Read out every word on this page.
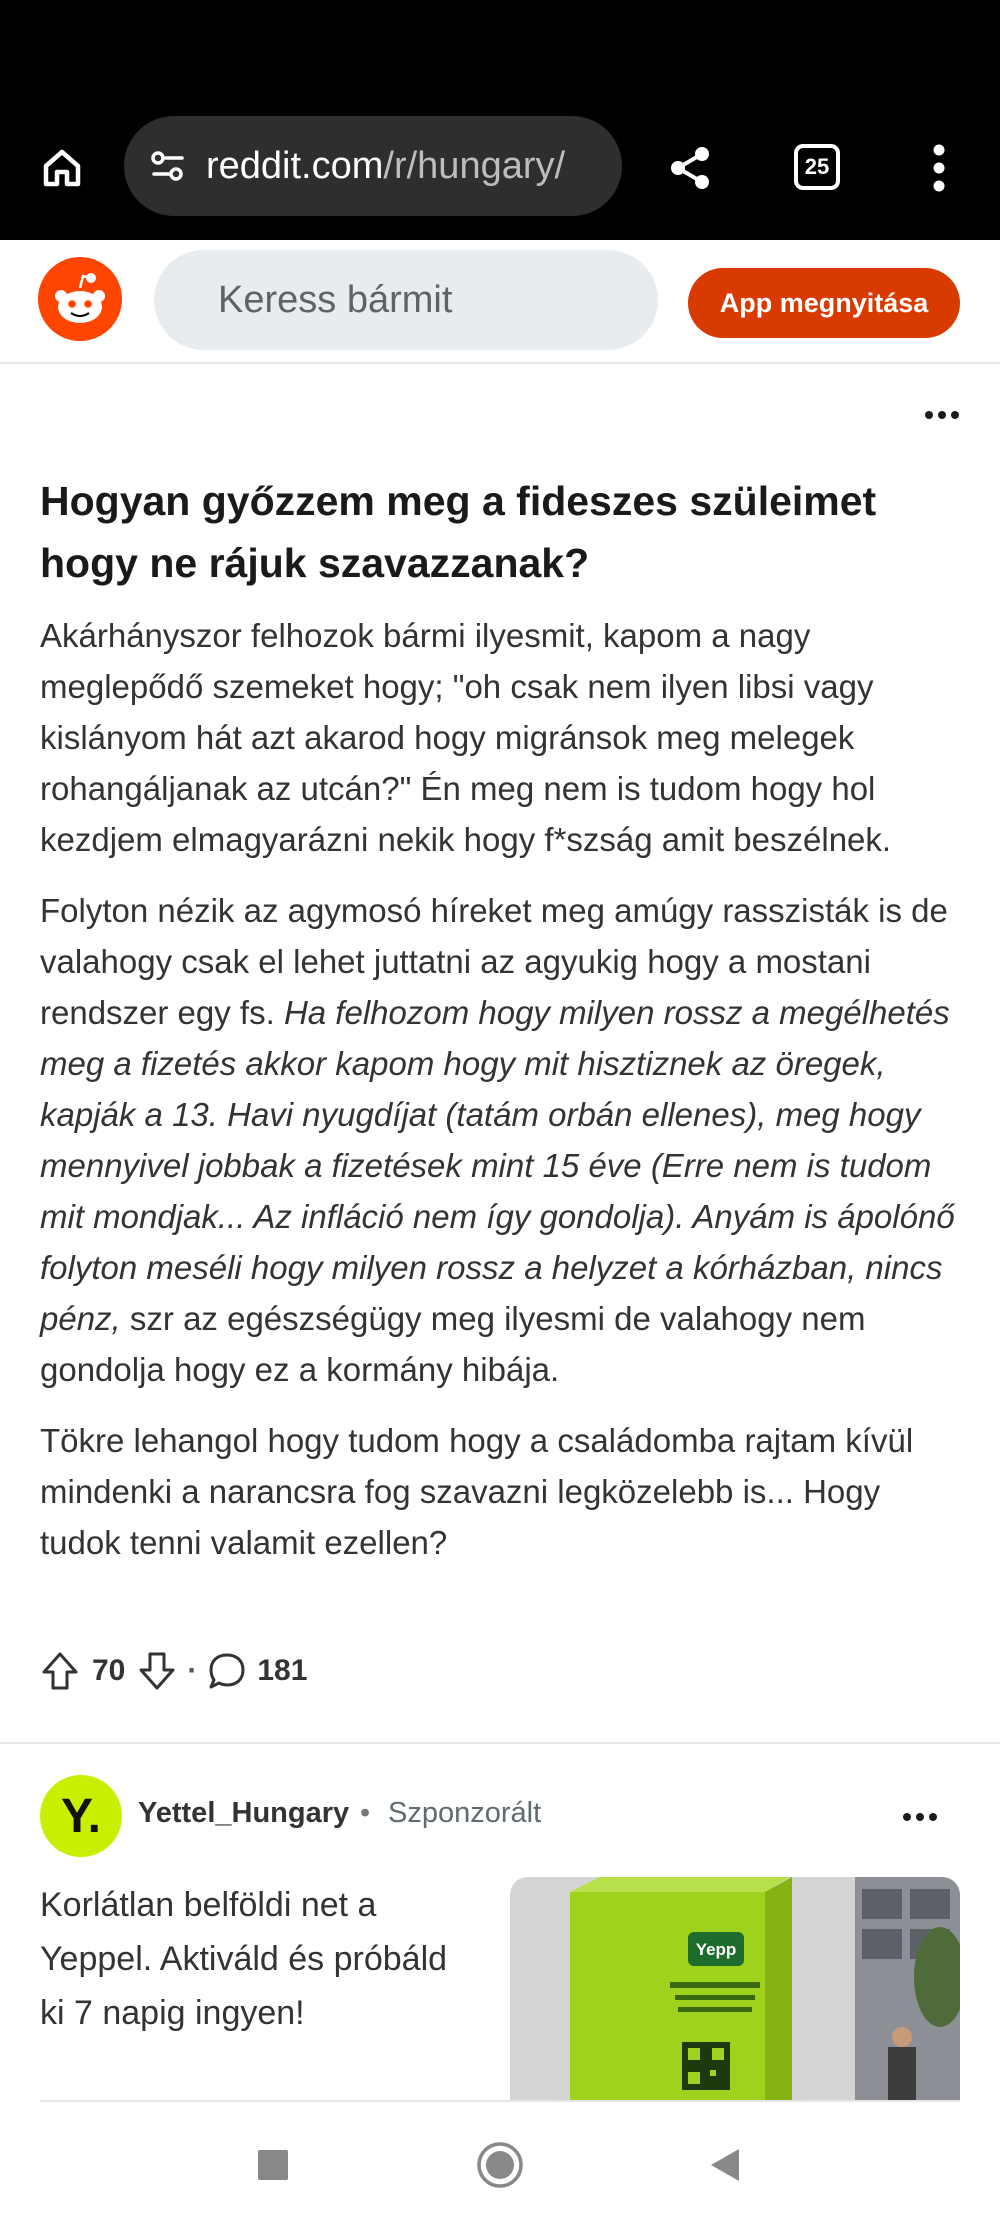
reddit.com/r/hungary/	25
Keress bármit	App megnyitása
Hogyan győzzem meg a fideszes szüleimet hogy ne rájuk szavazzanak?

Akárhányszor felhozok bármi ilyesmit, kapom a nagy meglepődő szemeket hogy; "oh csak nem ilyen libsi vagy kislányom hát azt akarod hogy migránsok meg melegek rohangáljanak az utcán?" Én meg nem is tudom hogy hol kezdjem elmagyarázni nekik hogy f*szság amit beszélnek.

Folyton nézik az agymosó híreket meg amúgy rasszisták is de valahogy csak el lehet juttatni az agyukig hogy a mostani rendszer egy fs. Ha felhozom hogy milyen rossz a megélhetés meg a fizetés akkor kapom hogy mit hisztiznek az öregek, kapják a 13. Havi nyugdíjat (tatám orbán ellenes), meg hogy mennyivel jobbak a fizetések mint 15 éve (Erre nem is tudom mit mondjak... Az infláció nem így gondolja). Anyám is ápolónő folyton meséli hogy milyen rossz a helyzet a kórházban, nincs pénz, szr az egészségügy meg ilyesmi de valahogy nem gondolja hogy ez a kormány hibája.

Tökre lehangol hogy tudom hogy a családomba rajtam kívül mindenki a narancsra fog szavazni legközelebb is... Hogy tudok tenni valamit ezellen?

70 · 181
Y.	Yettel_Hungary • Szponzorált
Korlátlan belföldi net a Yeppel. Aktiváld és próbáld ki 7 napig ingyen!
Yepp
